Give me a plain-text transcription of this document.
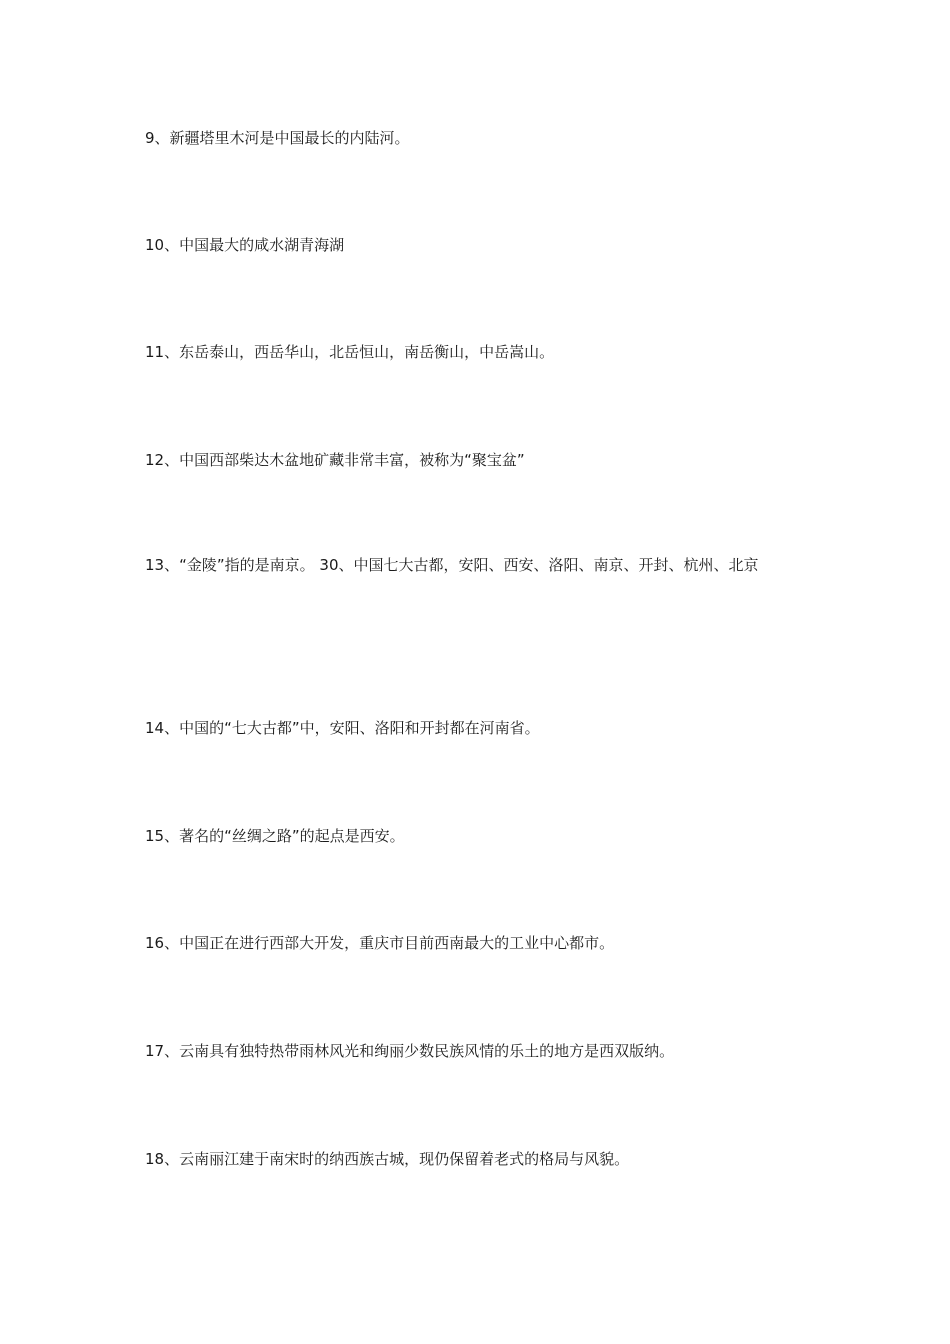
9、新疆塔里木河是中国最长的内陆河。

10、中国最大的咸水湖青海湖

11、东岳泰山，西岳华山，北岳恒山，南岳衡山，中岳嵩山。

12、中国西部柴达木盆地矿藏非常丰富，被称为“聚宝盆”

13、“金陵”指的是南京。 30、中国七大古都，安阳、西安、洛阳、南京、开封、杭州、北京

14、中国的“七大古都”中，安阳、洛阳和开封都在河南省。

15、著名的“丝绸之路”的起点是西安。

16、中国正在进行西部大开发，重庆市目前西南最大的工业中心都市。

17、云南具有独特热带雨林风光和绚丽少数民族风情的乐土的地方是西双版纳。

18、云南丽江建于南宋时的纳西族古城，现仍保留着老式的格局与风貌。
